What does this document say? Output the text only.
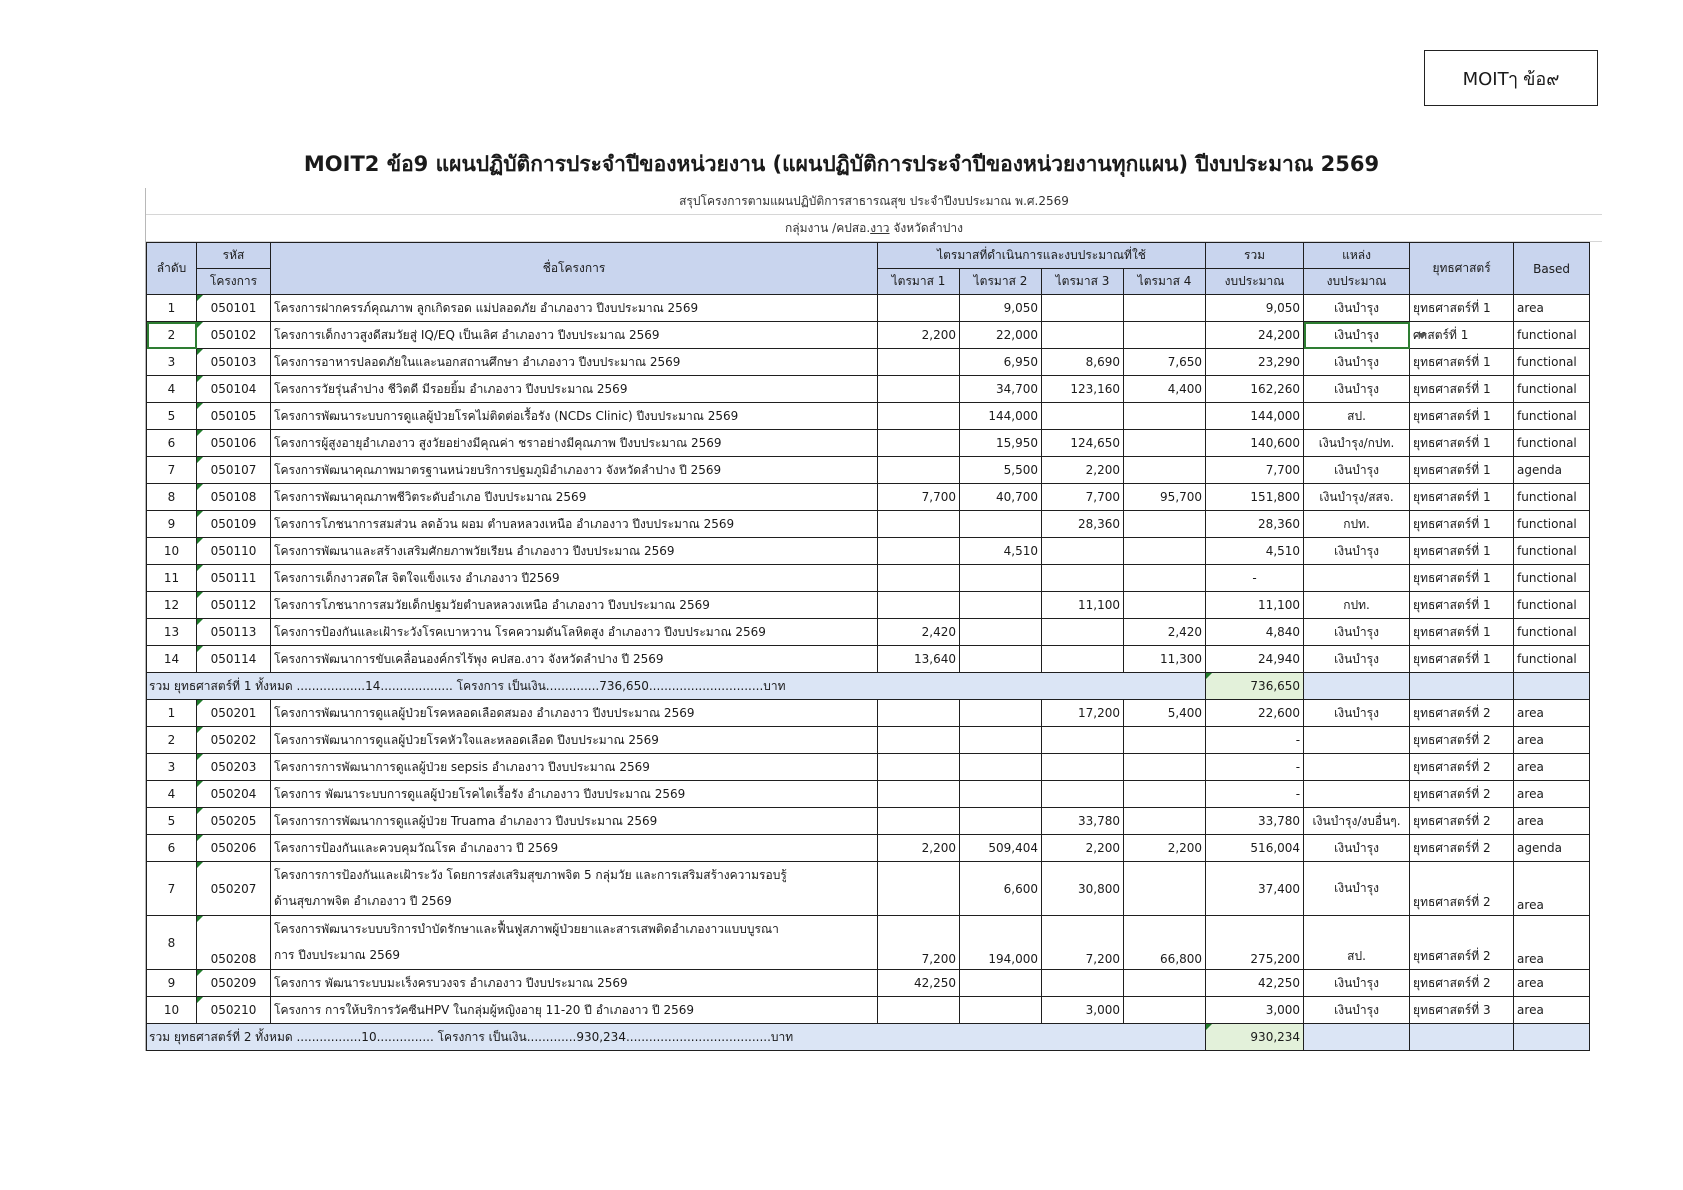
MOITๅ ข้อ๙
MOIT2 ข้อ9 แผนปฏิบัติการประจำปีของหน่วยงาน (แผนปฏิบัติการประจำปีของหน่วยงานทุกแผน) ปีงบประมาณ 2569
สรุปโครงการตามแผนปฏิบัติการสาธารณสุข ประจำปีงบประมาณ พ.ศ.2569
กลุ่มงาน /คปสอ.งาว จังหวัดลำปาง
ลำดับ	รหัส	ชื่อโครงการ	ไตรมาสที่ดำเนินการและงบประมาณที่ใช้				รวม	แหล่ง	ยุทธศาสตร์	Based
	โครงการ		ไตรมาส 1	ไตรมาส 2	ไตรมาส 3	ไตรมาส 4	งบประมาณ	งบประมาณ		
1	050101	โครงการฝากครรภ์คุณภาพ ลูกเกิดรอด แม่ปลอดภัย อำเภองาว ปีงบประมาณ 2569		9,050			9,050	เงินบำรุง	ยุทธศาสตร์ที่ 1	area
2	050102	โครงการเด็กงาวสูงดีสมวัยสู่ IQ/EQ เป็นเลิศ อำเภองาว ปีงบประมาณ 2569	2,200	22,000			24,200	เงินบำรุง	ศาสตร์ที่ 1	functional
3	050103	โครงการอาหารปลอดภัยในและนอกสถานศึกษา อำเภองาว ปีงบประมาณ 2569		6,950	8,690	7,650	23,290	เงินบำรุง	ยุทธศาสตร์ที่ 1	functional
4	050104	โครงการวัยรุ่นลำปาง ชีวิตดี มีรอยยิ้ม อำเภองาว ปีงบประมาณ 2569		34,700	123,160	4,400	162,260	เงินบำรุง	ยุทธศาสตร์ที่ 1	functional
5	050105	โครงการพัฒนาระบบการดูแลผู้ป่วยโรคไม่ติดต่อเรื้อรัง (NCDs Clinic) ปีงบประมาณ 2569		144,000			144,000	สป.	ยุทธศาสตร์ที่ 1	functional
6	050106	โครงการผู้สูงอายุอำเภองาว สูงวัยอย่างมีคุณค่า ชราอย่างมีคุณภาพ ปีงบประมาณ 2569		15,950	124,650		140,600	เงินบำรุง/กปท.	ยุทธศาสตร์ที่ 1	functional
7	050107	โครงการพัฒนาคุณภาพมาตรฐานหน่วยบริการปฐมภูมิอำเภองาว จังหวัดลำปาง ปี 2569		5,500	2,200		7,700	เงินบำรุง	ยุทธศาสตร์ที่ 1	agenda
8	050108	โครงการพัฒนาคุณภาพชีวิตระดับอำเภอ ปีงบประมาณ 2569	7,700	40,700	7,700	95,700	151,800	เงินบำรุง/สสจ.	ยุทธศาสตร์ที่ 1	functional
9	050109	โครงการโภชนาการสมส่วน ลดอ้วน ผอม ตำบลหลวงเหนือ อำเภองาว ปีงบประมาณ 2569			28,360		28,360	กปท.	ยุทธศาสตร์ที่ 1	functional
10	050110	โครงการพัฒนาและสร้างเสริมศักยภาพวัยเรียน อำเภองาว ปีงบประมาณ 2569		4,510			4,510	เงินบำรุง	ยุทธศาสตร์ที่ 1	functional
11	050111	โครงการเด็กงาวสดใส จิตใจแข็งแรง อำเภองาว ปี2569					-		ยุทธศาสตร์ที่ 1	functional
12	050112	โครงการโภชนาการสมวัยเด็กปฐมวัยตำบลหลวงเหนือ อำเภองาว ปีงบประมาณ 2569			11,100		11,100	กปท.	ยุทธศาสตร์ที่ 1	functional
13	050113	โครงการป้องกันและเฝ้าระวังโรคเบาหวาน โรคความดันโลหิตสูง อำเภองาว ปีงบประมาณ 2569	2,420			2,420	4,840	เงินบำรุง	ยุทธศาสตร์ที่ 1	functional
14	050114	โครงการพัฒนาการขับเคลื่อนองค์กรไร้พุง คปสอ.งาว จังหวัดลำปาง ปี 2569	13,640			11,300	24,940	เงินบำรุง	ยุทธศาสตร์ที่ 1	functional
รวม ยุทธศาสตร์ที่ 1 ทั้งหมด ..................14................... โครงการ เป็นเงิน..............736,650..............................บาท							736,650			
1	050201	โครงการพัฒนาการดูแลผู้ป่วยโรคหลอดเลือดสมอง อำเภองาว ปีงบประมาณ 2569			17,200	5,400	22,600	เงินบำรุง	ยุทธศาสตร์ที่ 2	area
2	050202	โครงการพัฒนาการดูแลผู้ป่วยโรคหัวใจและหลอดเลือด ปีงบประมาณ 2569					-		ยุทธศาสตร์ที่ 2	area
3	050203	โครงการการพัฒนาการดูแลผู้ป่วย sepsis อำเภองาว ปีงบประมาณ 2569					-		ยุทธศาสตร์ที่ 2	area
4	050204	โครงการ พัฒนาระบบการดูแลผู้ป่วยโรคไตเรื้อรัง อำเภองาว ปีงบประมาณ 2569					-		ยุทธศาสตร์ที่ 2	area
5	050205	โครงการการพัฒนาการดูแลผู้ป่วย Truama อำเภองาว ปีงบประมาณ 2569			33,780		33,780	เงินบำรุง/งบอื่นๆ.	ยุทธศาสตร์ที่ 2	area
6	050206	โครงการป้องกันและควบคุมวัณโรค อำเภองาว ปี 2569	2,200	509,404	2,200	2,200	516,004	เงินบำรุง	ยุทธศาสตร์ที่ 2	agenda
7	050207	โครงการการป้องกันและเฝ้าระวัง โดยการส่งเสริมสุขภาพจิต 5 กลุ่มวัย และการเสริมสร้างความรอบรู้
ด้านสุขภาพจิต อำเภองาว ปี 2569		6,600	30,800		37,400	เงินบำรุง	ยุทธศาสตร์ที่ 2	area
8	050208	โครงการพัฒนาระบบบริการบำบัดรักษาและฟื้นฟูสภาพผู้ป่วยยาและสารเสพติดอำเภองาวแบบบูรณา
การ ปีงบประมาณ 2569	7,200	194,000	7,200	66,800	275,200	สป.	ยุทธศาสตร์ที่ 2	area
9	050209	โครงการ พัฒนาระบบมะเร็งครบวงจร อำเภองาว ปีงบประมาณ 2569	42,250				42,250	เงินบำรุง	ยุทธศาสตร์ที่ 2	area
10	050210	โครงการ การให้บริการวัคซีนHPV ในกลุ่มผู้หญิงอายุ 11-20 ปี อำเภองาว ปี 2569			3,000		3,000	เงินบำรุง	ยุทธศาสตร์ที่ 3	area
รวม ยุทธศาสตร์ที่ 2 ทั้งหมด .................10............... โครงการ เป็นเงิน.............930,234......................................บาท							930,234			
